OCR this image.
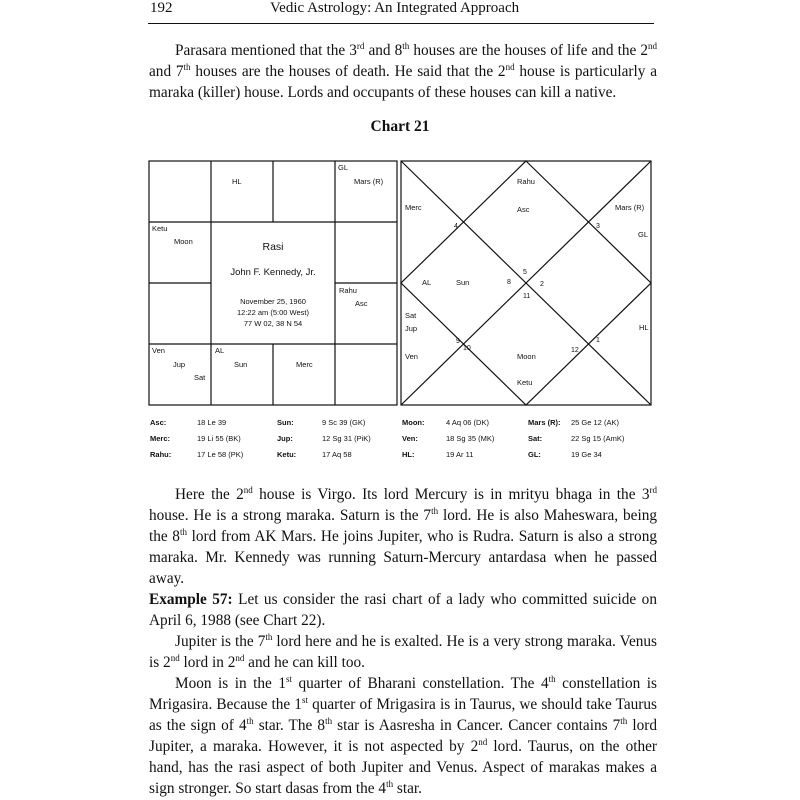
192	Vedic Astrology: An Integrated Approach
Parasara mentioned that the 3rd and 8th houses are the houses of life and the 2nd and 7th houses are the houses of death. He said that the 2nd house is particularly a maraka (killer) house. Lords and occupants of these houses can kill a native.
Chart 21
HL
GL
Mars (R)
Ketu
Moon
Rahu
Asc
Ven
Jup
Sat
AL
Sun	Merc
Rasi
John F. Kennedy, Jr.
November 25, 1960
12:22 am (5:00 West)
77 W 02, 38 N 54
Rahu
Asc
Merc	Mars (R)
GL
AL	Sun
Sat
Jup	HL
Ven	Moon
Ketu
4	3
5
2
8
11
9
10	12
1
Asc:	18 Le 39	Sun:	9 Sc 39 (GK)	Moon:	4 Aq 06 (DK)	Mars (R): 25 Ge 12 (AK)
Merc:	19 Li 55 (BK)	Jup:	12 Sg 31 (PiK)	Ven:	18 Sg 35 (MK)	Sat:	22 Sg 15 (AmK)
Rahu:	17 Le 58 (PK)	Ketu:	17 Aq 58	HL:	19 Ar 11	GL:	19 Ge 34
Here the 2nd house is Virgo. Its lord Mercury is in mrityu bhaga in the 3rd house. He is a strong maraka. Saturn is the 7th lord. He is also Maheswara, being the 8th lord from AK Mars. He joins Jupiter, who is Rudra. Saturn is also a strong maraka. Mr. Kennedy was running Saturn-Mercury antardasa when he passed away.
Example 57: Let us consider the rasi chart of a lady who committed suicide on April 6, 1988 (see Chart 22).
Jupiter is the 7th lord here and he is exalted. He is a very strong maraka. Venus is 2nd lord in 2nd and he can kill too.
Moon is in the 1st quarter of Bharani constellation. The 4th constellation is Mrigasira. Because the 1st quarter of Mrigasira is in Taurus, we should take Taurus as the sign of 4th star. The 8th star is Aasresha in Cancer. Cancer contains 7th lord Jupiter, a maraka. However, it is not aspected by 2nd lord. Taurus, on the other hand, has the rasi aspect of both Jupiter and Venus. Aspect of marakas makes a sign stronger. So start dasas from the 4th star.
